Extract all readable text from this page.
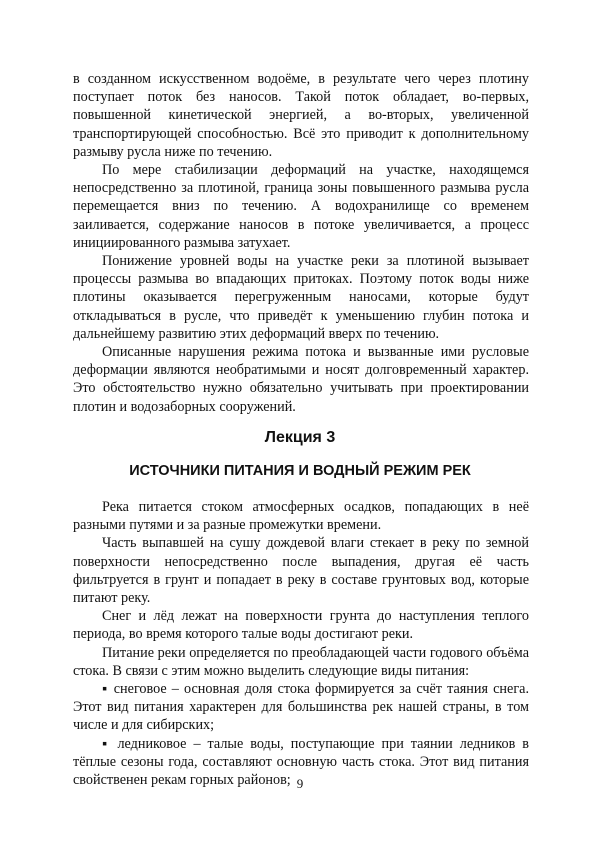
в созданном искусственном водоёме, в результате чего через плотину поступает поток без наносов. Такой поток обладает, во-первых, повышенной кинетической энергией, а во-вторых, увеличенной транспортирующей способностью. Всё это приводит к дополнительному размыву русла ниже по течению.

По мере стабилизации деформаций на участке, находящемся непосредственно за плотиной, граница зоны повышенного размыва русла перемещается вниз по течению. А водохранилище со временем заиливается, содержание наносов в потоке увеличивается, а процесс инициированного размыва затухает.

Понижение уровней воды на участке реки за плотиной вызывает процессы размыва во впадающих притоках. Поэтому поток воды ниже плотины оказывается перегруженным наносами, которые будут откладываться в русле, что приведёт к уменьшению глубин потока и дальнейшему развитию этих деформаций вверх по течению.

Описанные нарушения режима потока и вызванные ими русловые деформации являются необратимыми и носят долговременный характер. Это обстоятельство нужно обязательно учитывать при проектировании плотин и водозаборных сооружений.

Лекция 3
ИСТОЧНИКИ ПИТАНИЯ И ВОДНЫЙ РЕЖИМ РЕК

Река питается стоком атмосферных осадков, попадающих в неё разными путями и за разные промежутки времени.

Часть выпавшей на сушу дождевой влаги стекает в реку по земной поверхности непосредственно после выпадения, другая её часть фильтруется в грунт и попадает в реку в составе грунтовых вод, которые питают реку.

Снег и лёд лежат на поверхности грунта до наступления теплого периода, во время которого талые воды достигают реки.

Питание реки определяется по преобладающей части годового объёма стока. В связи с этим можно выделить следующие виды питания:

▪ снеговое – основная доля стока формируется за счёт таяния снега. Этот вид питания характерен для большинства рек нашей страны, в том числе и для сибирских;

▪ ледниковое – талые воды, поступающие при таянии ледников в тёплые сезоны года, составляют основную часть стока. Этот вид питания свойственен рекам горных районов; 9
